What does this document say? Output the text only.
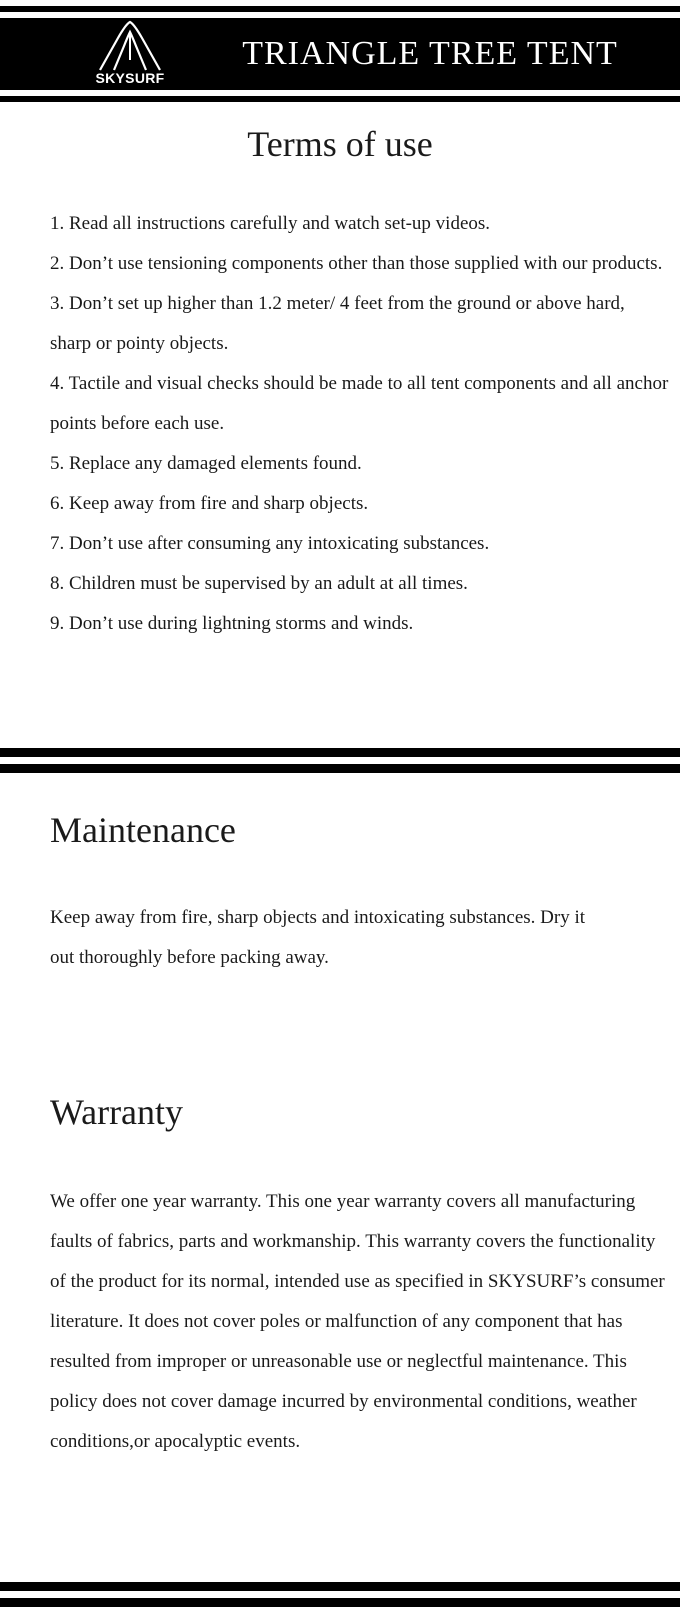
SKYSURF
TRIANGLE TREE TENT
Terms of use
1. Read all instructions carefully and watch set-up videos.
2. Don’t use tensioning components other than those supplied with our products.
3. Don’t set up higher than 1.2 meter/ 4 feet from the ground or above hard, sharp or pointy objects.
4. Tactile and visual checks should be made to all tent components and all anchor points before each use.
5. Replace any damaged elements found.
6. Keep away from fire and sharp objects.
7. Don’t use after consuming any intoxicating substances.
8. Children must be supervised by an adult at all times.
9. Don’t use during lightning storms and winds.
Maintenance

Keep away from fire, sharp objects and intoxicating substances. Dry it out thoroughly before packing away.

Warranty

We offer one year warranty. This one year warranty covers all manufacturing faults of fabrics, parts and workmanship. This warranty covers the functionality of the product for its normal, intended use as specified in SKYSURF’s consumer literature. It does not cover poles or malfunction of any component that has resulted from improper or unreasonable use or neglectful maintenance. This policy does not cover damage incurred by environmental conditions, weather conditions,or apocalyptic events.
